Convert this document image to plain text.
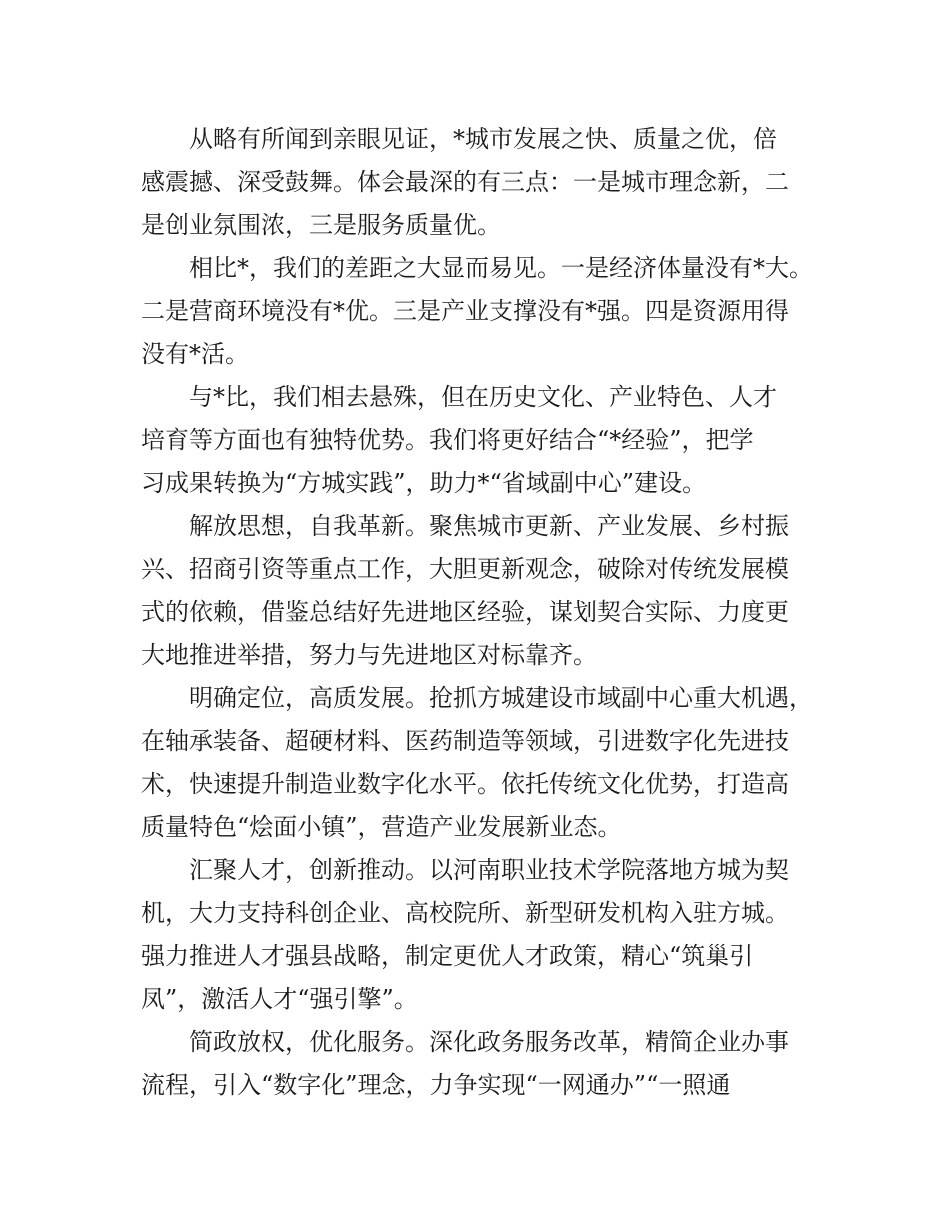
从略有所闻到亲眼见证，*城市发展之快、质量之优，倍
感震撼、深受鼓舞。体会最深的有三点：一是城市理念新，二
是创业氛围浓，三是服务质量优。
相比*，我们的差距之大显而易见。一是经济体量没有*大。
二是营商环境没有*优。三是产业支撑没有*强。四是资源用得
没有*活。
与*比，我们相去悬殊，但在历史文化、产业特色、人才
培育等方面也有独特优势。我们将更好结合“*经验”，把学
习成果转换为“方城实践”，助力*“省域副中心”建设。
解放思想，自我革新。聚焦城市更新、产业发展、乡村振
兴、招商引资等重点工作，大胆更新观念，破除对传统发展模
式的依赖，借鉴总结好先进地区经验，谋划契合实际、力度更
大地推进举措，努力与先进地区对标靠齐。
明确定位，高质发展。抢抓方城建设市域副中心重大机遇，
在轴承装备、超硬材料、医药制造等领域，引进数字化先进技
术，快速提升制造业数字化水平。依托传统文化优势，打造高
质量特色“烩面小镇”，营造产业发展新业态。
汇聚人才，创新推动。以河南职业技术学院落地方城为契
机，大力支持科创企业、高校院所、新型研发机构入驻方城。
强力推进人才强县战略，制定更优人才政策，精心“筑巢引
凤”，激活人才“强引擎”。
简政放权，优化服务。深化政务服务改革，精简企业办事
流程，引入“数字化”理念，力争实现“一网通办”“一照通
